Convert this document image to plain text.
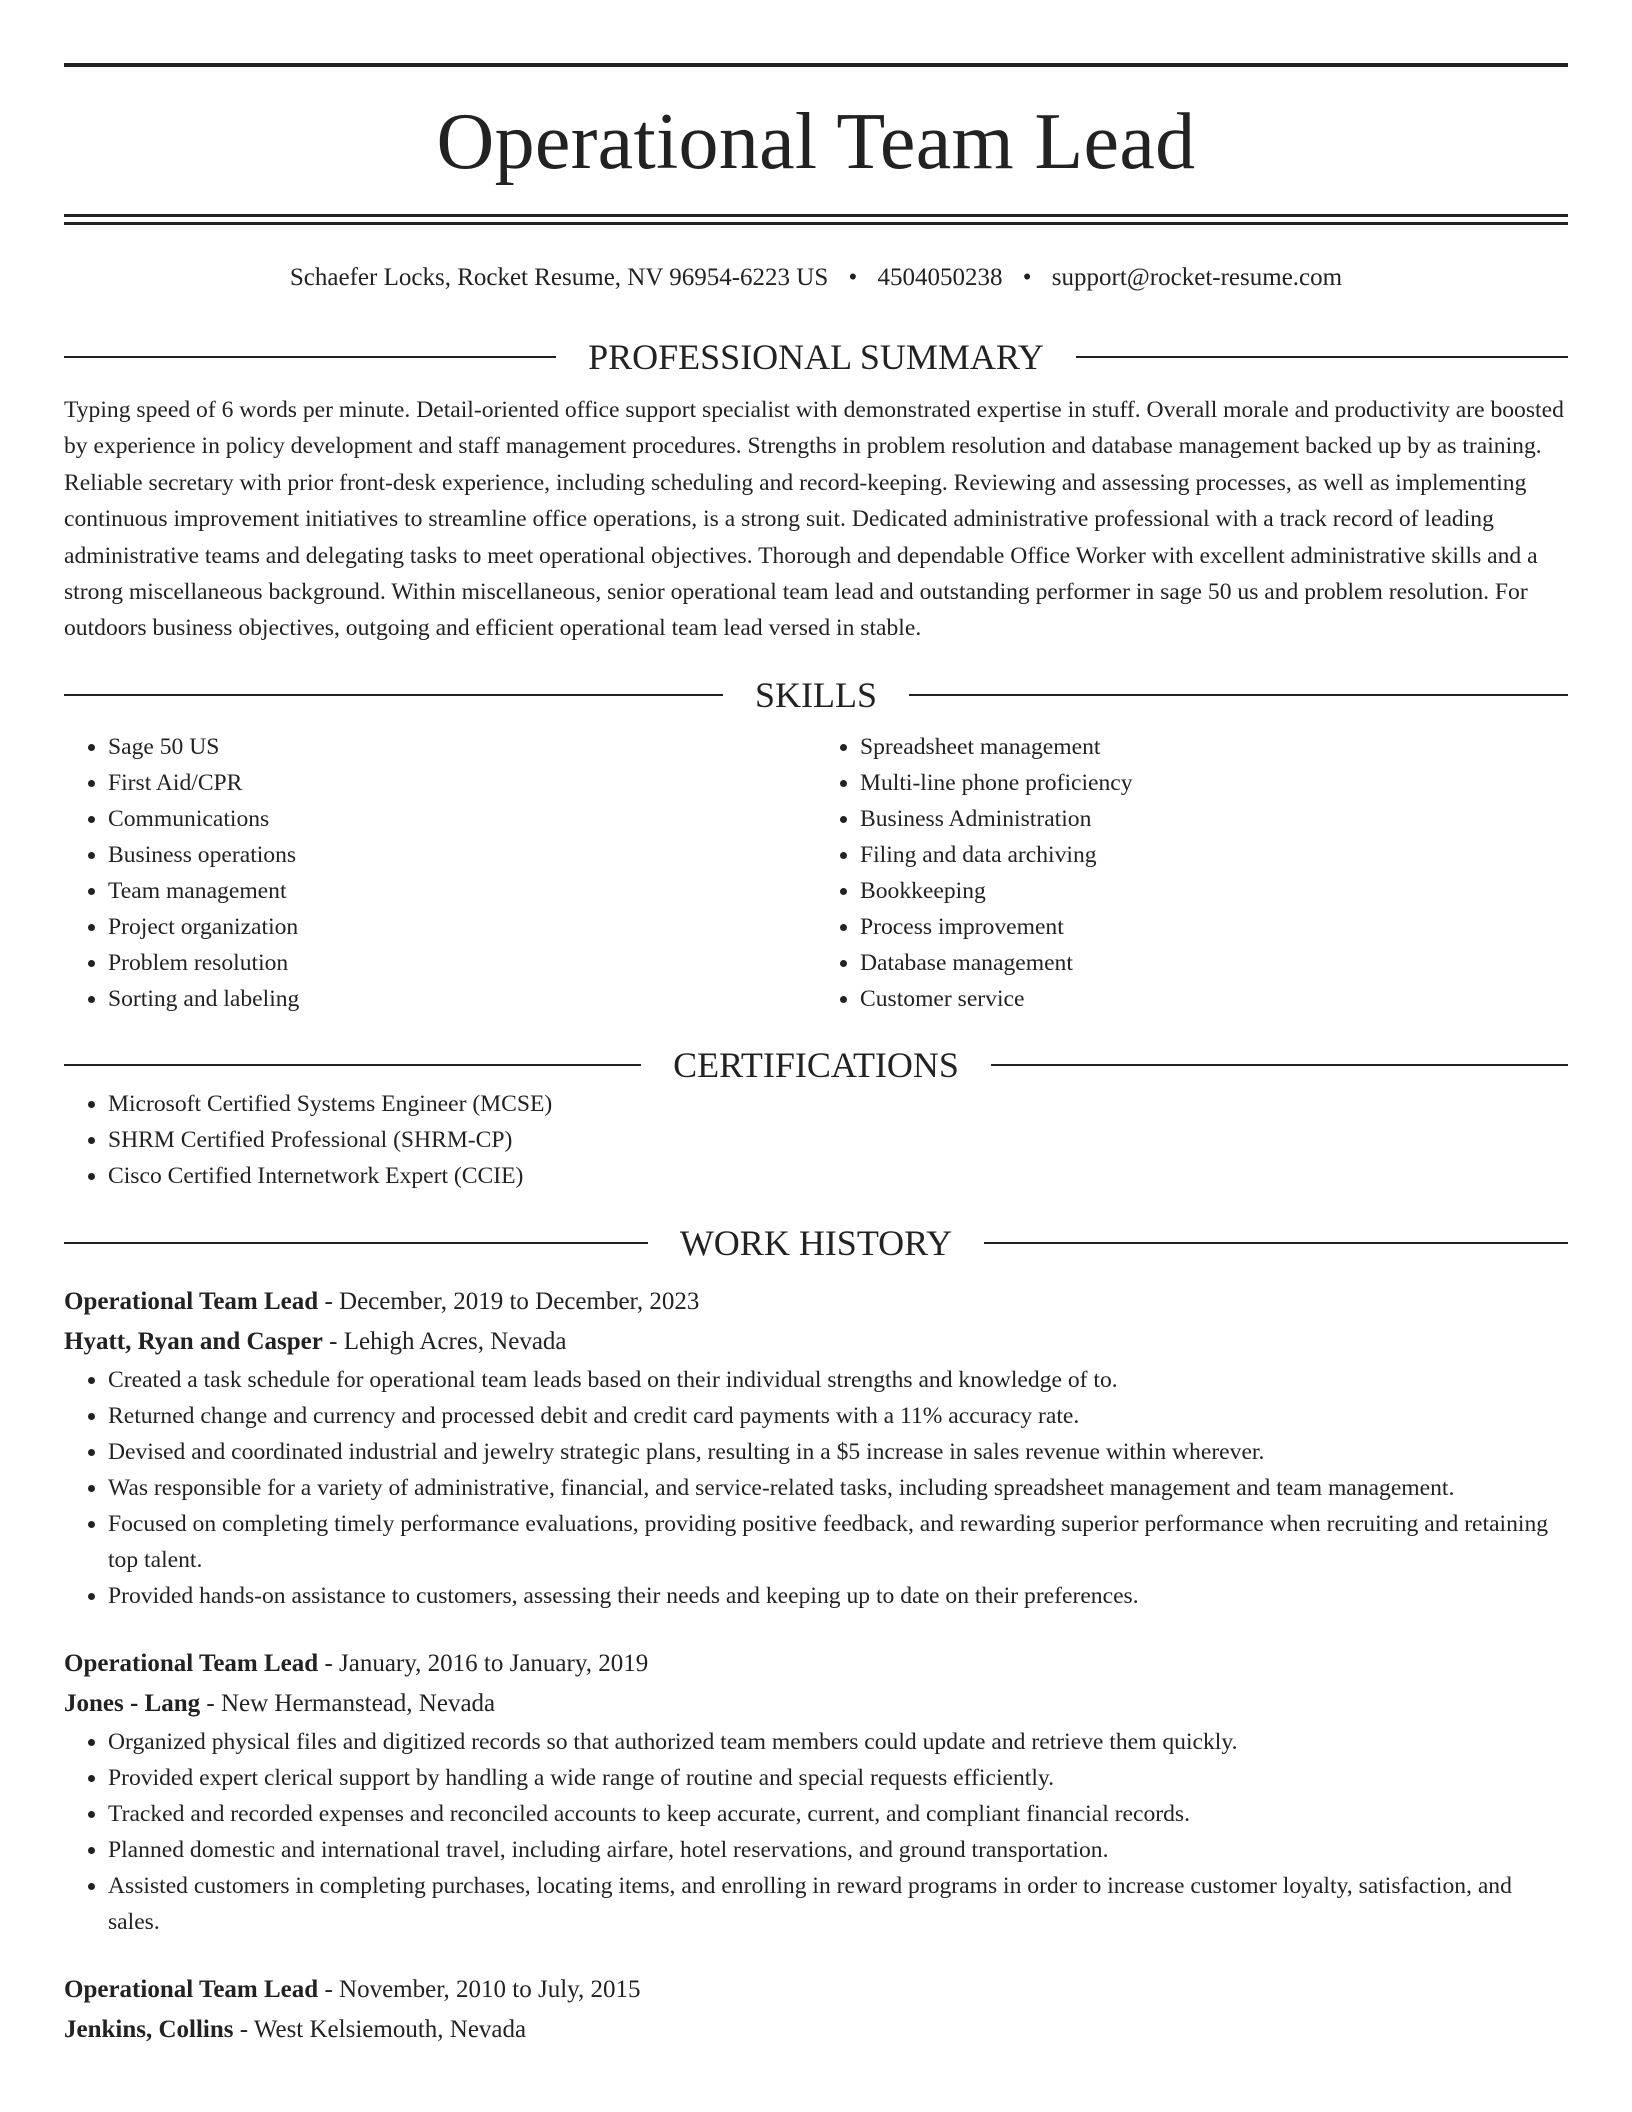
Operational Team Lead
Schaefer Locks, Rocket Resume, NV 96954-6223 US • 4504050238 • support@rocket-resume.com
PROFESSIONAL SUMMARY
Typing speed of 6 words per minute. Detail-oriented office support specialist with demonstrated expertise in stuff. Overall morale and productivity are boosted by experience in policy development and staff management procedures. Strengths in problem resolution and database management backed up by as training. Reliable secretary with prior front-desk experience, including scheduling and record-keeping. Reviewing and assessing processes, as well as implementing continuous improvement initiatives to streamline office operations, is a strong suit. Dedicated administrative professional with a track record of leading administrative teams and delegating tasks to meet operational objectives. Thorough and dependable Office Worker with excellent administrative skills and a strong miscellaneous background. Within miscellaneous, senior operational team lead and outstanding performer in sage 50 us and problem resolution. For outdoors business objectives, outgoing and efficient operational team lead versed in stable.
SKILLS
• Sage 50 US
• First Aid/CPR
• Communications
• Business operations
• Team management
• Project organization
• Problem resolution
• Sorting and labeling
• Spreadsheet management
• Multi-line phone proficiency
• Business Administration
• Filing and data archiving
• Bookkeeping
• Process improvement
• Database management
• Customer service
CERTIFICATIONS
• Microsoft Certified Systems Engineer (MCSE)
• SHRM Certified Professional (SHRM-CP)
• Cisco Certified Internetwork Expert (CCIE)
WORK HISTORY
Operational Team Lead - December, 2019 to December, 2023
Hyatt, Ryan and Casper - Lehigh Acres, Nevada
• Created a task schedule for operational team leads based on their individual strengths and knowledge of to.
• Returned change and currency and processed debit and credit card payments with a 11% accuracy rate.
• Devised and coordinated industrial and jewelry strategic plans, resulting in a $5 increase in sales revenue within wherever.
• Was responsible for a variety of administrative, financial, and service-related tasks, including spreadsheet management and team management.
• Focused on completing timely performance evaluations, providing positive feedback, and rewarding superior performance when recruiting and retaining top talent.
• Provided hands-on assistance to customers, assessing their needs and keeping up to date on their preferences.
Operational Team Lead - January, 2016 to January, 2019
Jones - Lang - New Hermanstead, Nevada
• Organized physical files and digitized records so that authorized team members could update and retrieve them quickly.
• Provided expert clerical support by handling a wide range of routine and special requests efficiently.
• Tracked and recorded expenses and reconciled accounts to keep accurate, current, and compliant financial records.
• Planned domestic and international travel, including airfare, hotel reservations, and ground transportation.
• Assisted customers in completing purchases, locating items, and enrolling in reward programs in order to increase customer loyalty, satisfaction, and sales.
Operational Team Lead - November, 2010 to July, 2015
Jenkins, Collins - West Kelsiemouth, Nevada
